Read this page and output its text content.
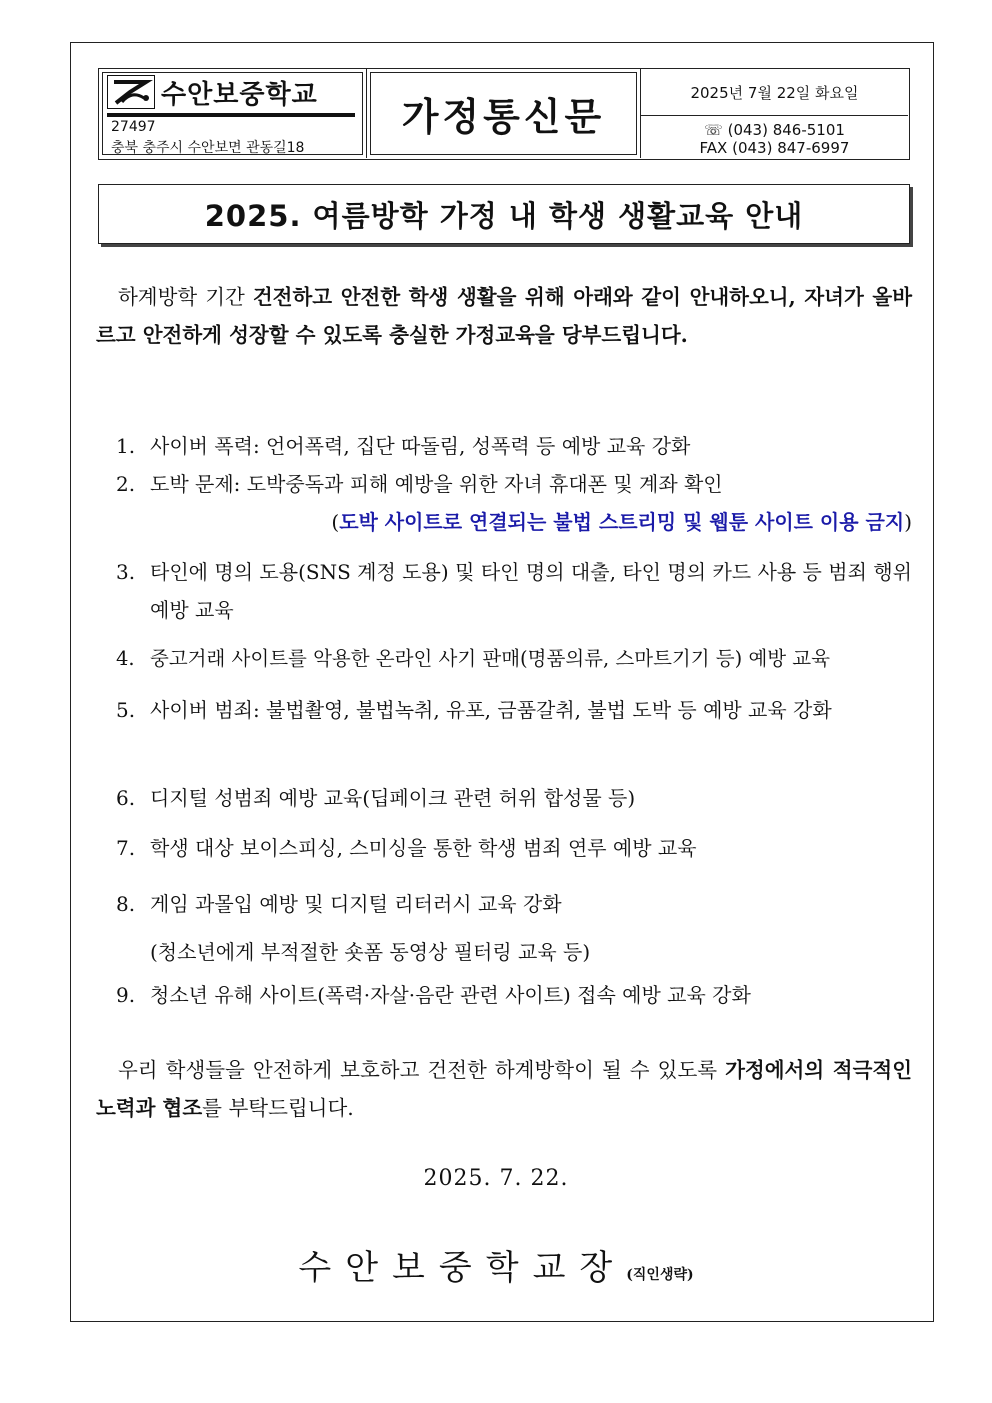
수안보중학교
27497
충북 충주시 수안보면 관동길18
가정통신문
2025년 7월 22일 화요일
☏ (043) 846-5101
FAX (043) 847-6997
2025. 여름방학 가정 내 학생 생활교육 안내
하계방학 기간 건전하고 안전한 학생 생활을 위해 아래와 같이 안내하오니, 자녀가 올바르고 안전하게 성장할 수 있도록 충실한 가정교육을 당부드립니다.
1. 사이버 폭력: 언어폭력, 집단 따돌림, 성폭력 등 예방 교육 강화
2. 도박 문제: 도박중독과 피해 예방을 위한 자녀 휴대폰 및 계좌 확인
(도박 사이트로 연결되는 불법 스트리밍 및 웹툰 사이트 이용 금지)
3. 타인에 명의 도용(SNS 계정 도용) 및 타인 명의 대출, 타인 명의 카드 사용 등 범죄 행위 예방 교육
4. 중고거래 사이트를 악용한 온라인 사기 판매(명품의류, 스마트기기 등) 예방 교육
5. 사이버 범죄: 불법촬영, 불법녹취, 유포, 금품갈취, 불법 도박 등 예방 교육 강화
6. 디지털 성범죄 예방 교육(딥페이크 관련 허위 합성물 등)
7. 학생 대상 보이스피싱, 스미싱을 통한 학생 범죄 연루 예방 교육
8. 게임 과몰입 예방 및 디지털 리터러시 교육 강화
(청소년에게 부적절한 숏폼 동영상 필터링 교육 등)
9. 청소년 유해 사이트(폭력·자살·음란 관련 사이트) 접속 예방 교육 강화
우리 학생들을 안전하게 보호하고 건전한 하계방학이 될 수 있도록 가정에서의 적극적인 노력과 협조를 부탁드립니다.
2025. 7. 22.
수안보중학교장(직인생략)
